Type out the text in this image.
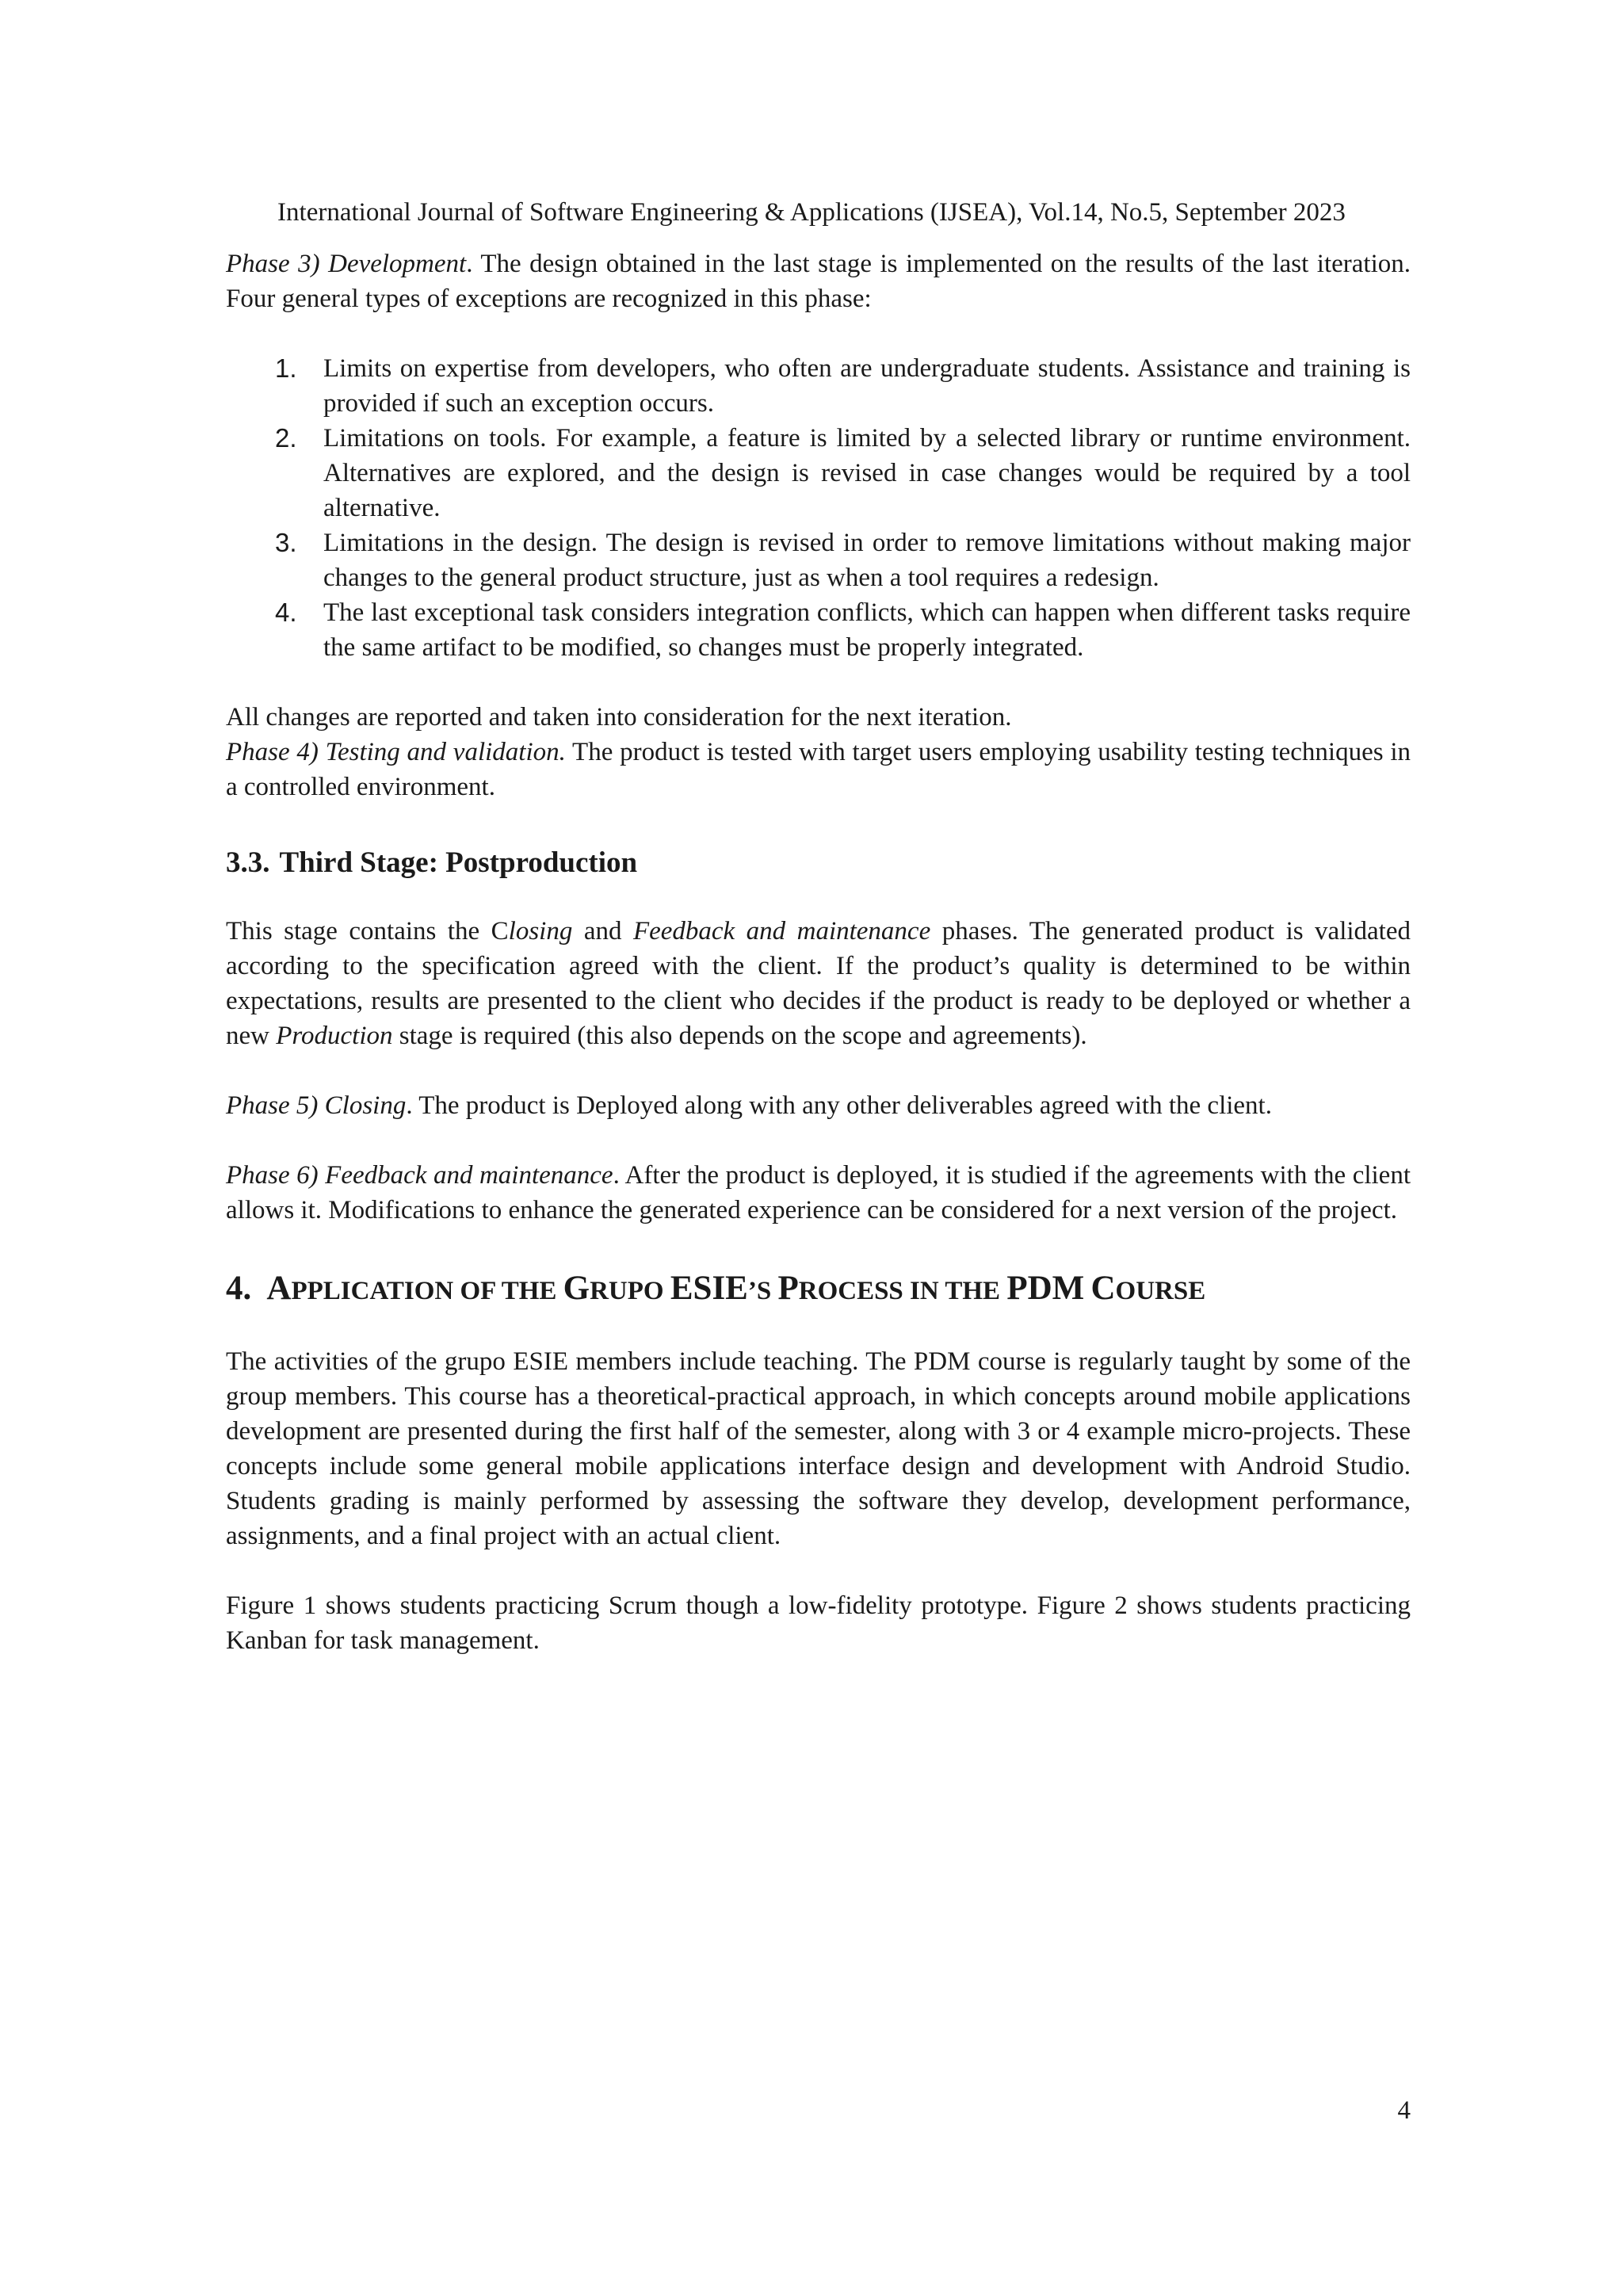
International Journal of Software Engineering & Applications (IJSEA), Vol.14, No.5, September 2023

Phase 3) Development. The design obtained in the last stage is implemented on the results of the last iteration. Four general types of exceptions are recognized in this phase:

1. Limits on expertise from developers, who often are undergraduate students. Assistance and training is provided if such an exception occurs.
2. Limitations on tools. For example, a feature is limited by a selected library or runtime environment. Alternatives are explored, and the design is revised in case changes would be required by a tool alternative.
3. Limitations in the design. The design is revised in order to remove limitations without making major changes to the general product structure, just as when a tool requires a redesign.
4. The last exceptional task considers integration conflicts, which can happen when different tasks require the same artifact to be modified, so changes must be properly integrated.

All changes are reported and taken into consideration for the next iteration.

Phase 4) Testing and validation. The product is tested with target users employing usability testing techniques in a controlled environment.

3.3. Third Stage: Postproduction

This stage contains the Closing and Feedback and maintenance phases. The generated product is validated according to the specification agreed with the client. If the product’s quality is determined to be within expectations, results are presented to the client who decides if the product is ready to be deployed or whether a new Production stage is required (this also depends on the scope and agreements).

Phase 5) Closing. The product is Deployed along with any other deliverables agreed with the client.

Phase 6) Feedback and maintenance. After the product is deployed, it is studied if the agreements with the client allows it. Modifications to enhance the generated experience can be considered for a next version of the project.

4. APPLICATION OF THE GRUPO ESIE’S PROCESS IN THE PDM COURSE

The activities of the grupo ESIE members include teaching. The PDM course is regularly taught by some of the group members. This course has a theoretical-practical approach, in which concepts around mobile applications development are presented during the first half of the semester, along with 3 or 4 example micro-projects. These concepts include some general mobile applications interface design and development with Android Studio. Students grading is mainly performed by assessing the software they develop, development performance, assignments, and a final project with an actual client.

Figure 1 shows students practicing Scrum though a low-fidelity prototype. Figure 2 shows students practicing Kanban for task management.

4
